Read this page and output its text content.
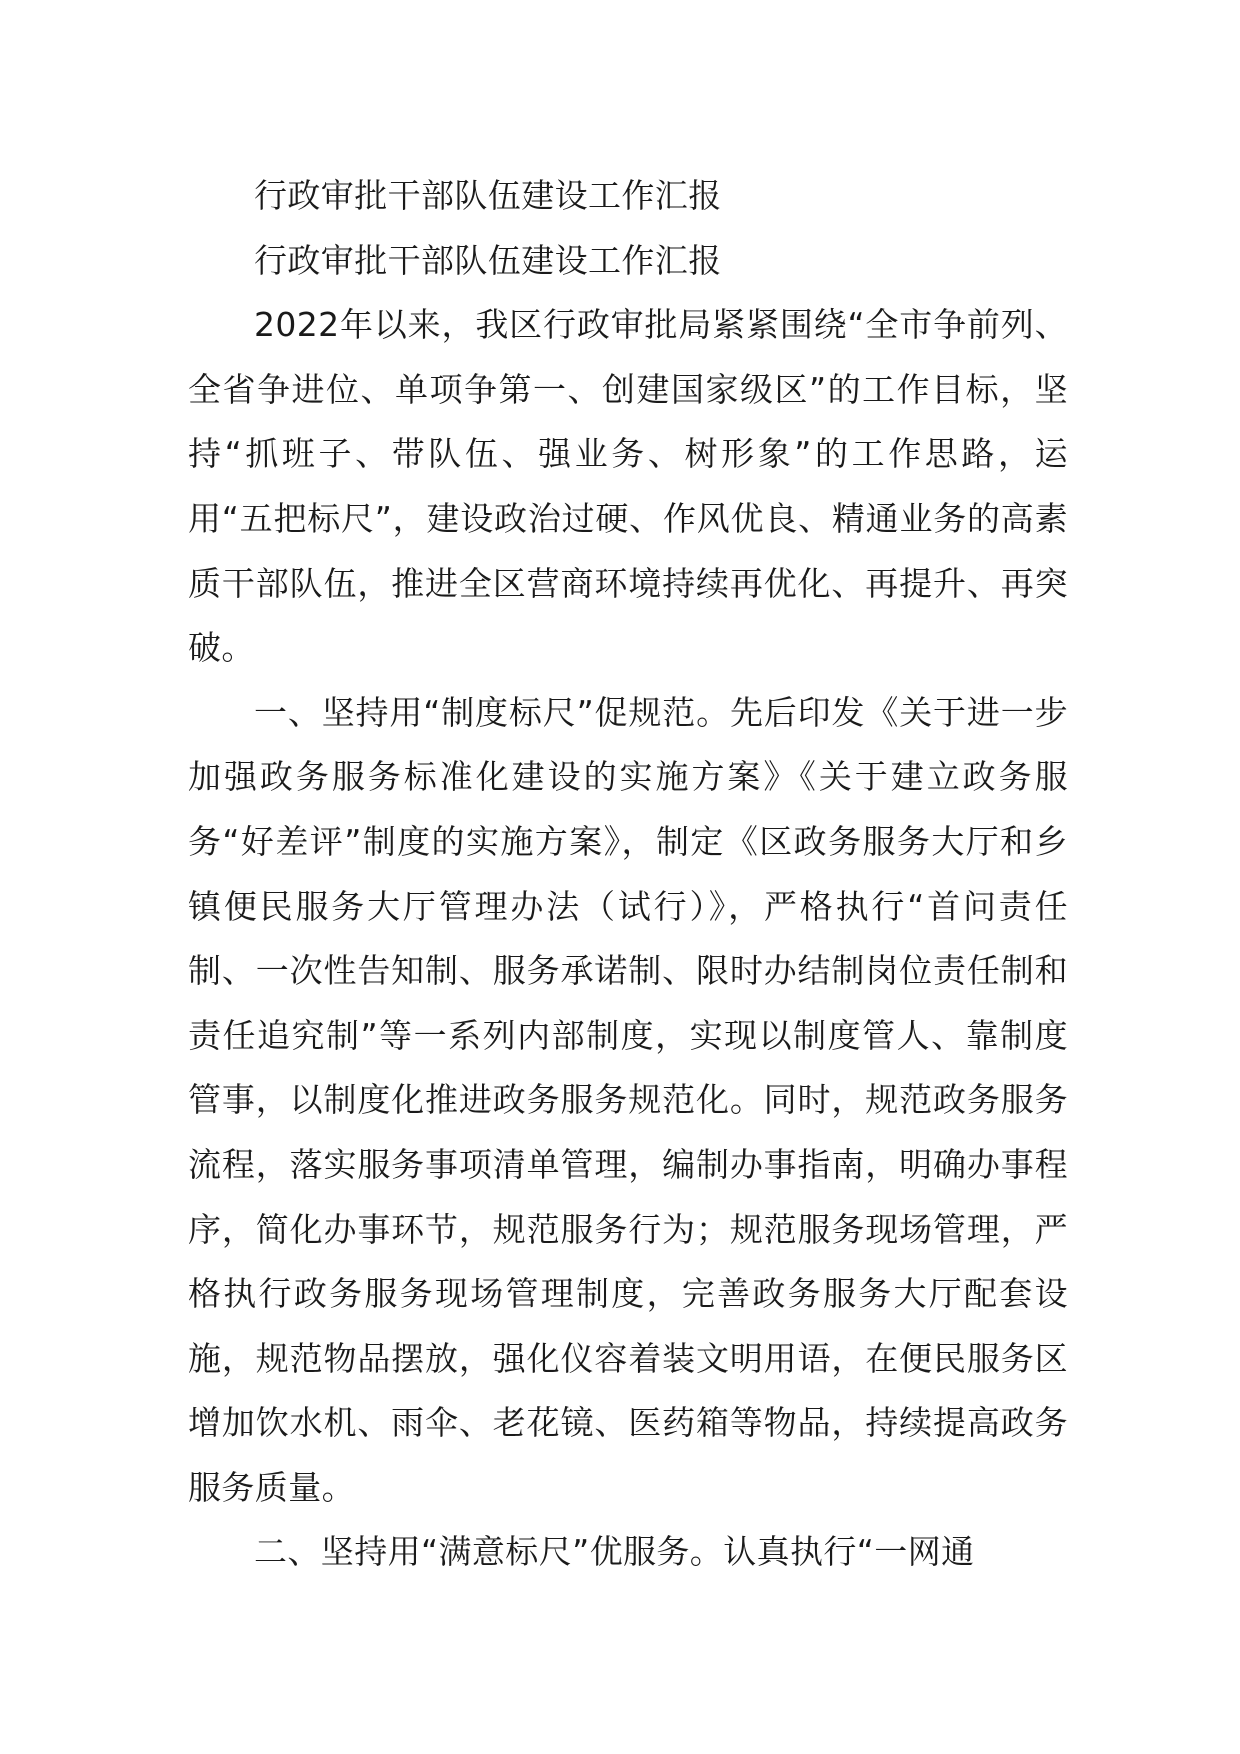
行政审批干部队伍建设工作汇报

行政审批干部队伍建设工作汇报

2022年以来，我区行政审批局紧紧围绕“全市争前列、全省争进位、单项争第一、创建国家级区”的工作目标，坚持“抓班子、带队伍、强业务、树形象”的工作思路，运用“五把标尺”，建设政治过硬、作风优良、精通业务的高素质干部队伍，推进全区营商环境持续再优化、再提升、再突破。

一、坚持用“制度标尺”促规范。先后印发《关于进一步加强政务服务标准化建设的实施方案》《关于建立政务服务“好差评”制度的实施方案》，制定《区政务服务大厅和乡镇便民服务大厅管理办法（试行）》，严格执行“首问责任制、一次性告知制、服务承诺制、限时办结制岗位责任制和责任追究制”等一系列内部制度，实现以制度管人、靠制度管事，以制度化推进政务服务规范化。同时，规范政务服务流程，落实服务事项清单管理，编制办事指南，明确办事程序，简化办事环节，规范服务行为；规范服务现场管理，严格执行政务服务现场管理制度，完善政务服务大厅配套设施，规范物品摆放，强化仪容着装文明用语，在便民服务区增加饮水机、雨伞、老花镜、医药箱等物品，持续提高政务服务质量。

二、坚持用“满意标尺”优服务。认真执行“一网通
